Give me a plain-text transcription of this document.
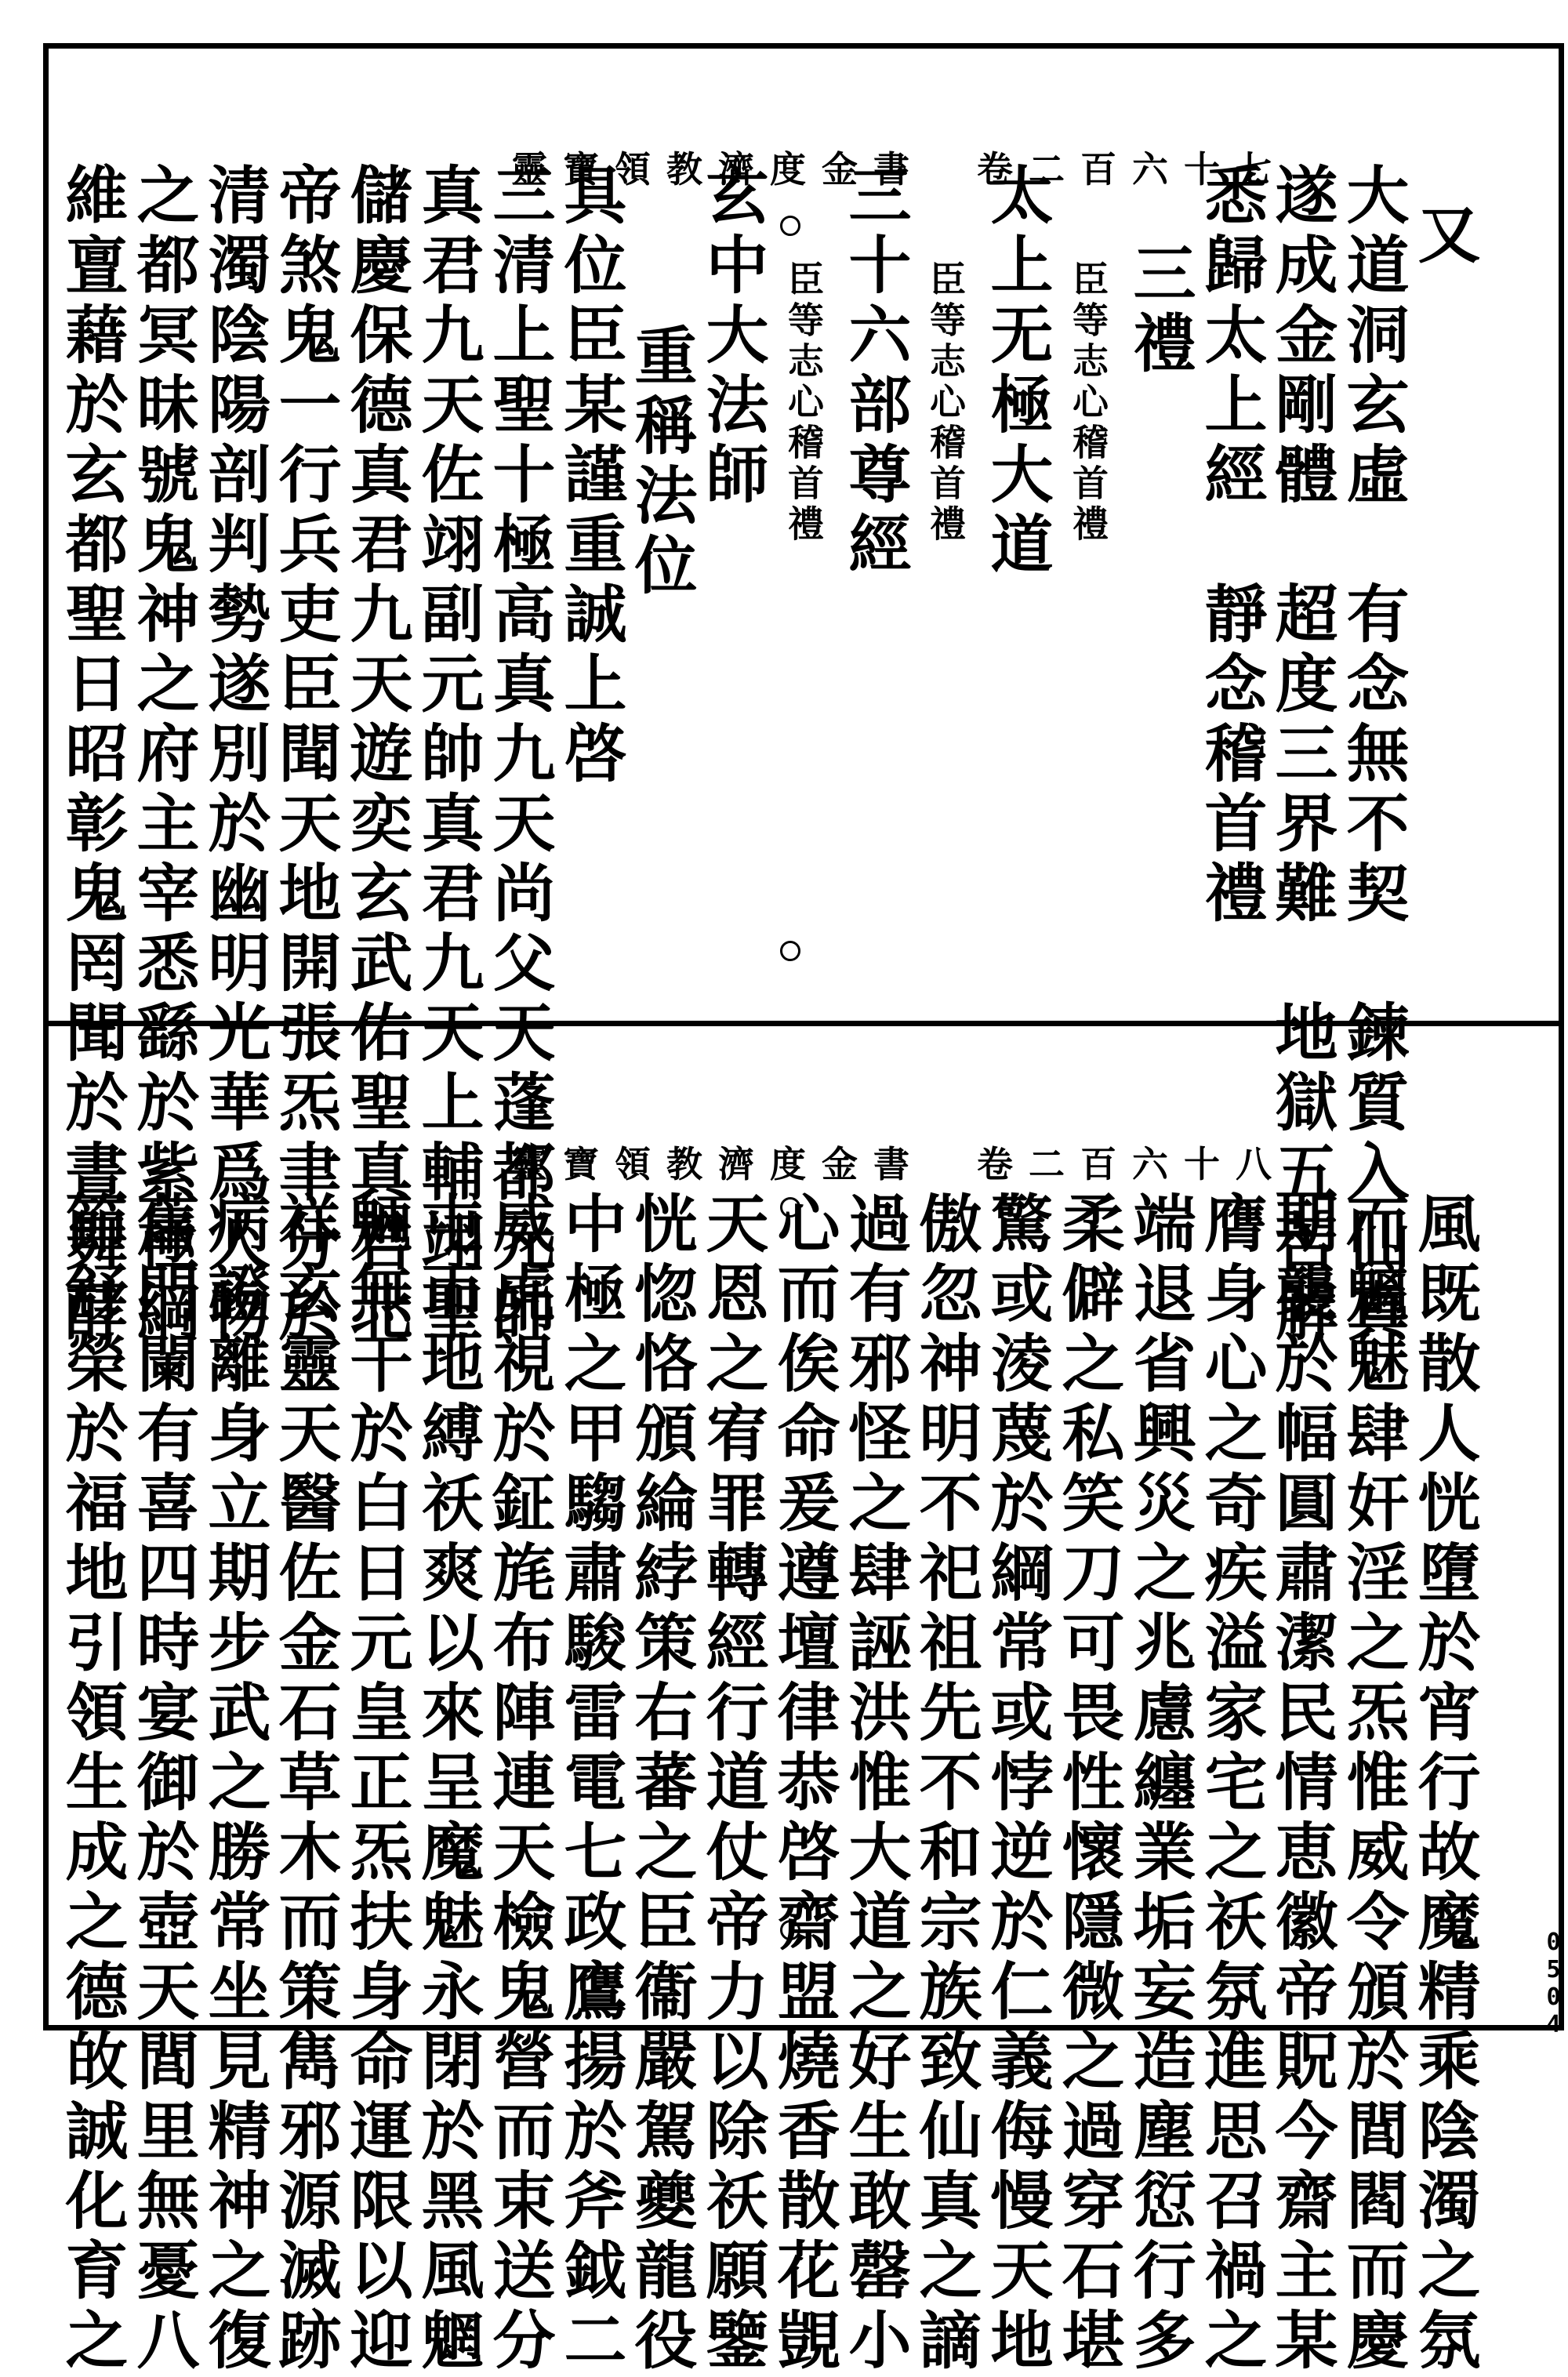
靈寶領教濟度金書　卷二百六十七
又
大道洞玄虛　有念無不契　鍊質入仙真
遂成金剛體　超度三界難　地獄五苦解
悉歸太上經　靜念稽首禮
三禮
臣等志心稽首禮
太上无極大道
臣等志心稽首禮
三十六部尊經
臣等志心稽首禮
玄中大法師
重稱法位
具位臣某謹重誠上啓
三清上聖十極高真九天尚父天蓬都元帥
真君九天佐翊副元帥真君九天上輔翊聖
儲慶保德真君九天遊奕玄武佑聖真君北
帝煞鬼一行兵吏臣聞天地開張炁聿分於
清濁陰陽剖判勢遂別於幽明光華爲人物
之都冥昧號鬼神之府主宰悉繇於紫極綱
維亶藉於玄都聖日昭彰鬼罔聞於晝舞酵	靈寶領教濟度金書　卷二百六十八
風既散人恍墮於宵行故魔精乘陰濁之氛
而魑魅肆奸淫之炁惟威令頒於閭閻而慶
期襲於幅圓肅潔民情恵徽帝貺今齋主某
膺身心之奇疾溢家宅之祅氛進思召禍之
端退省興災之兆慮纏業垢妄造塵愆行多
柔僻之私笑刀可畏性懷隱微之過穿石堪
驚或淩蔑於綱常或悖逆於仁義侮慢天地
傲忽神明不祀祖先不和宗族致仙真之謫
過有邪怪之肆誣洪惟大道之好生敢罄小
心而俟命爰遵壇律恭啓齋盟燒香散花覬
天恩之宥罪轉經行道仗帝力以除祅願鑒
恍惚恪頒綸綍策右蕃之臣衞嚴駕夔龍役
中極之甲騶肅駿雷電七政鷹揚於斧鉞二
威虎視於鉦旄布陣連天檢鬼營而束送分
屯帀地縛祅爽以來呈魔魅永閉於黑風魍
魎無干於白日元皇正炁扶身命運限以迎
祥玄靈天醫佐金石草木而策雋邪源滅跡
病證離身立期步武之勝常坐見精神之復
舊門闌有喜四時宴御於壺天閭里無憂八
節舒榮於福地引領生成之德敀誠化育之	0504
